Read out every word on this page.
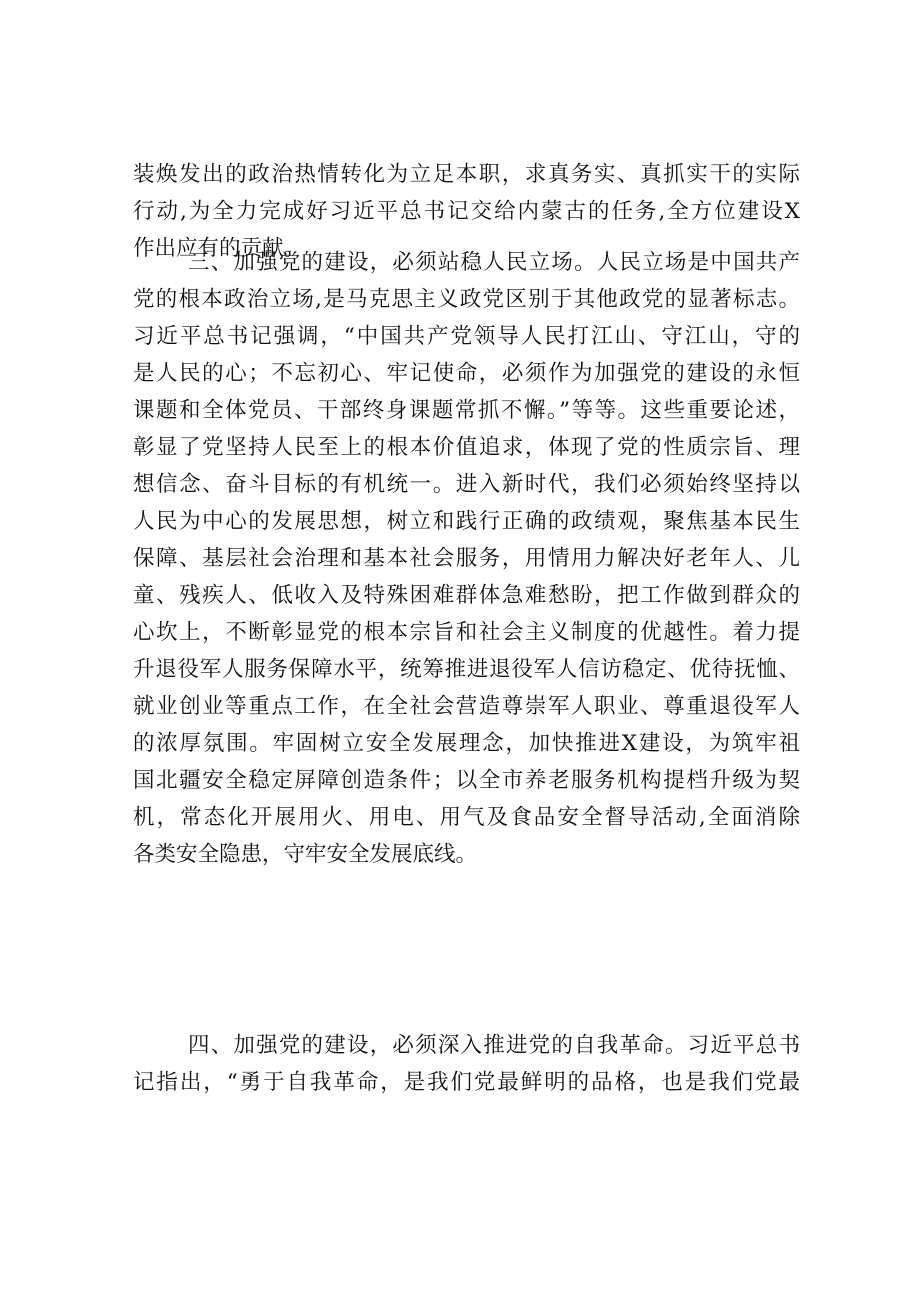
装焕发出的政治热情转化为立足本职，求真务实、真抓实干的实际
行动,为全力完成好习近平总书记交给内蒙古的任务,全方位建设X
作出应有的贡献。
三、加强党的建设，必须站稳人民立场。人民立场是中国共产
党的根本政治立场,是马克思主义政党区别于其他政党的显著标志。
习近平总书记强调，“中国共产党领导人民打江山、守江山，守的
是人民的心；不忘初心、牢记使命，必须作为加强党的建设的永恒
课题和全体党员、干部终身课题常抓不懈。”等等。这些重要论述，
彰显了党坚持人民至上的根本价值追求，体现了党的性质宗旨、理
想信念、奋斗目标的有机统一。进入新时代，我们必须始终坚持以
人民为中心的发展思想，树立和践行正确的政绩观，聚焦基本民生
保障、基层社会治理和基本社会服务，用情用力解决好老年人、儿
童、残疾人、低收入及特殊困难群体急难愁盼，把工作做到群众的
心坎上，不断彰显党的根本宗旨和社会主义制度的优越性。着力提
升退役军人服务保障水平，统筹推进退役军人信访稳定、优待抚恤、
就业创业等重点工作，在全社会营造尊崇军人职业、尊重退役军人
的浓厚氛围。牢固树立安全发展理念，加快推进X建设，为筑牢祖
国北疆安全稳定屏障创造条件；以全市养老服务机构提档升级为契
机，常态化开展用火、用电、用气及食品安全督导活动,全面消除
各类安全隐患，守牢安全发展底线。
四、加强党的建设，必须深入推进党的自我革命。习近平总书
记指出，“勇于自我革命，是我们党最鲜明的品格，也是我们党最
